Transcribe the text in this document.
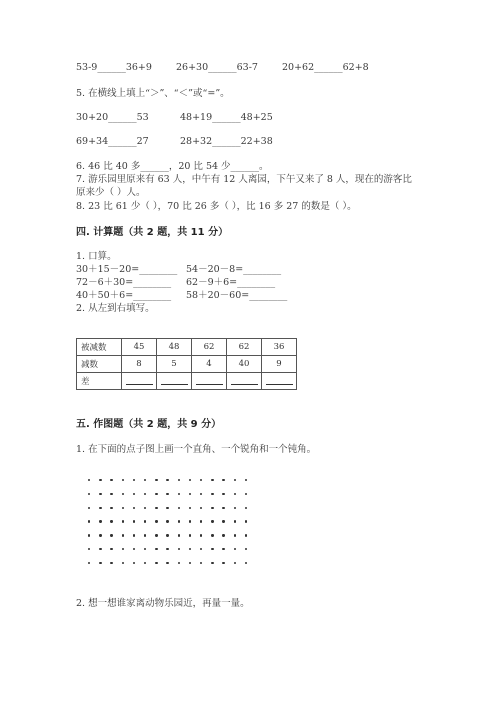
53-9______36+9	26+30______63-7	20+62______62+8
5. 在横线上填上“＞”、“＜”或“=”。
30+20______53	48+19______48+25
69+34______27	28+32______22+38
6. 46 比 40 多______，20 比 54 少______。
7. 游乐园里原来有 63 人，中午有 12 人离园，下午又来了 8 人，现在的游客比
原来少（ ）人。
8. 23 比 61 少（ ），70 比 26 多（ ），比 16 多 27 的数是（ ）。
四. 计算题（共 2 题，共 11 分）
1. 口算。
30＋15－20=________ 54－20－8=________
72－6＋30=________ 62－9＋6=________
40＋50＋6=________ 58＋20－60=________
2. 从左到右填写。
被减数	45	48	62	62	36
减数	8	5	4	40	9
差					
五. 作图题（共 2 题，共 9 分）
1. 在下面的点子图上画一个直角、一个锐角和一个钝角。
2. 想一想谁家离动物乐园近，再量一量。
